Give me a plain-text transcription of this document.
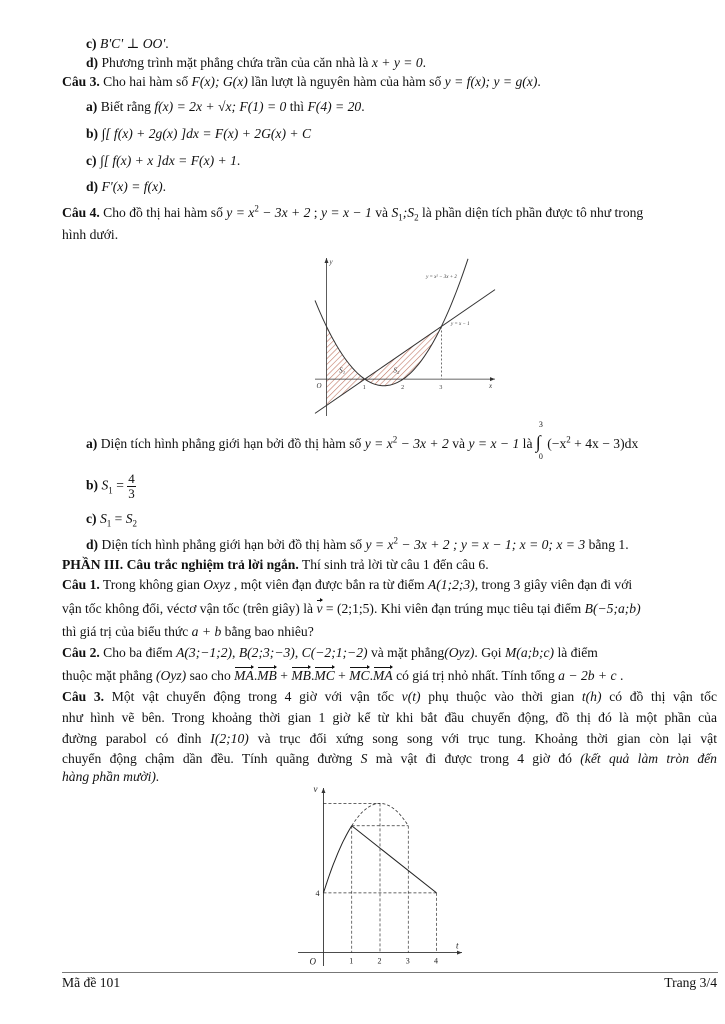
c) B'C' ⊥ OO'.
d) Phương trình mặt phẳng chứa trần của căn nhà là x + y = 0.
Câu 3. Cho hai hàm số F(x); G(x) lần lượt là nguyên hàm của hàm số y = f(x); y = g(x).
a) Biết rằng f(x) = 2x + √x; F(1) = 0 thì F(4) = 20.
b) ∫[ f(x) + 2g(x) ]dx = F(x) + 2G(x) + C
c) ∫[ f(x) + x ]dx = F(x) + 1.
d) F'(x) = f(x).
Câu 4. Cho đồ thị hai hàm số $y = x^2 - 3x + 2$ ; y = x − 1 và $S_1;S_2$ là phần diện tích phần được tô như trong
hình dưới.
y
x
O	1	2	3
y = x² − 3x + 2
y = x − 1
S₁	S₂
a) Diện tích hình phẳng giới hạn bởi đồ thị hàm số $y = x^2 - 3x + 2$ và y = x − 1 là ∫
3
0
$(-x^2 + 4x - 3)dx$
b) $S_1 = \frac{4}{3}$
c) $S_1 = S_2$
d) Diện tích hình phẳng giới hạn bởi đồ thị hàm số $y = x^2 - 3x + 2$ ; y = x − 1; x = 0; x = 3 bằng 1.
PHẦN III. Câu trắc nghiệm trả lời ngắn. Thí sinh trả lời từ câu 1 đến câu 6.
Câu 1. Trong không gian Oxyz , một viên đạn được bắn ra từ điểm A(1;2;3), trong 3 giây viên đạn đi với
vận tốc không đổi, véctơ vận tốc (trên giây) là v = (2;1;5). Khi viên đạn trúng mục tiêu tại điểm B(−5;a;b)
thì giá trị của biểu thức a + b bằng bao nhiêu?
Câu 2. Cho ba điểm A(3;−1;2), B(2;3;−3), C(−2;1;−2) và mặt phẳng(Oyz). Gọi M(a;b;c) là điểm
thuộc mặt phẳng (Oyz) sao cho MA.MB + MB.MC + MC.MA có giá trị nhỏ nhất. Tính tổng a − 2b + c .
Câu 3. Một vật chuyển động trong 4 giờ với vận tốc v(t) phụ thuộc vào thời gian t(h) có đồ thị vận tốc
như hình vẽ bên. Trong khoảng thời gian 1 giờ kể từ khi bắt đầu chuyển động, đồ thị đó là một phần của
đường parabol có đỉnh I(2;10) và trục đối xứng song song với trục tung. Khoảng thời gian còn lại vật
chuyển động chậm dần đều. Tính quãng đường S mà vật đi được trong 4 giờ đó (kết quả làm tròn đến
hàng phần mười).
v
t
O
4
1	2	3	4
Mã đề 101	Trang 3/4
